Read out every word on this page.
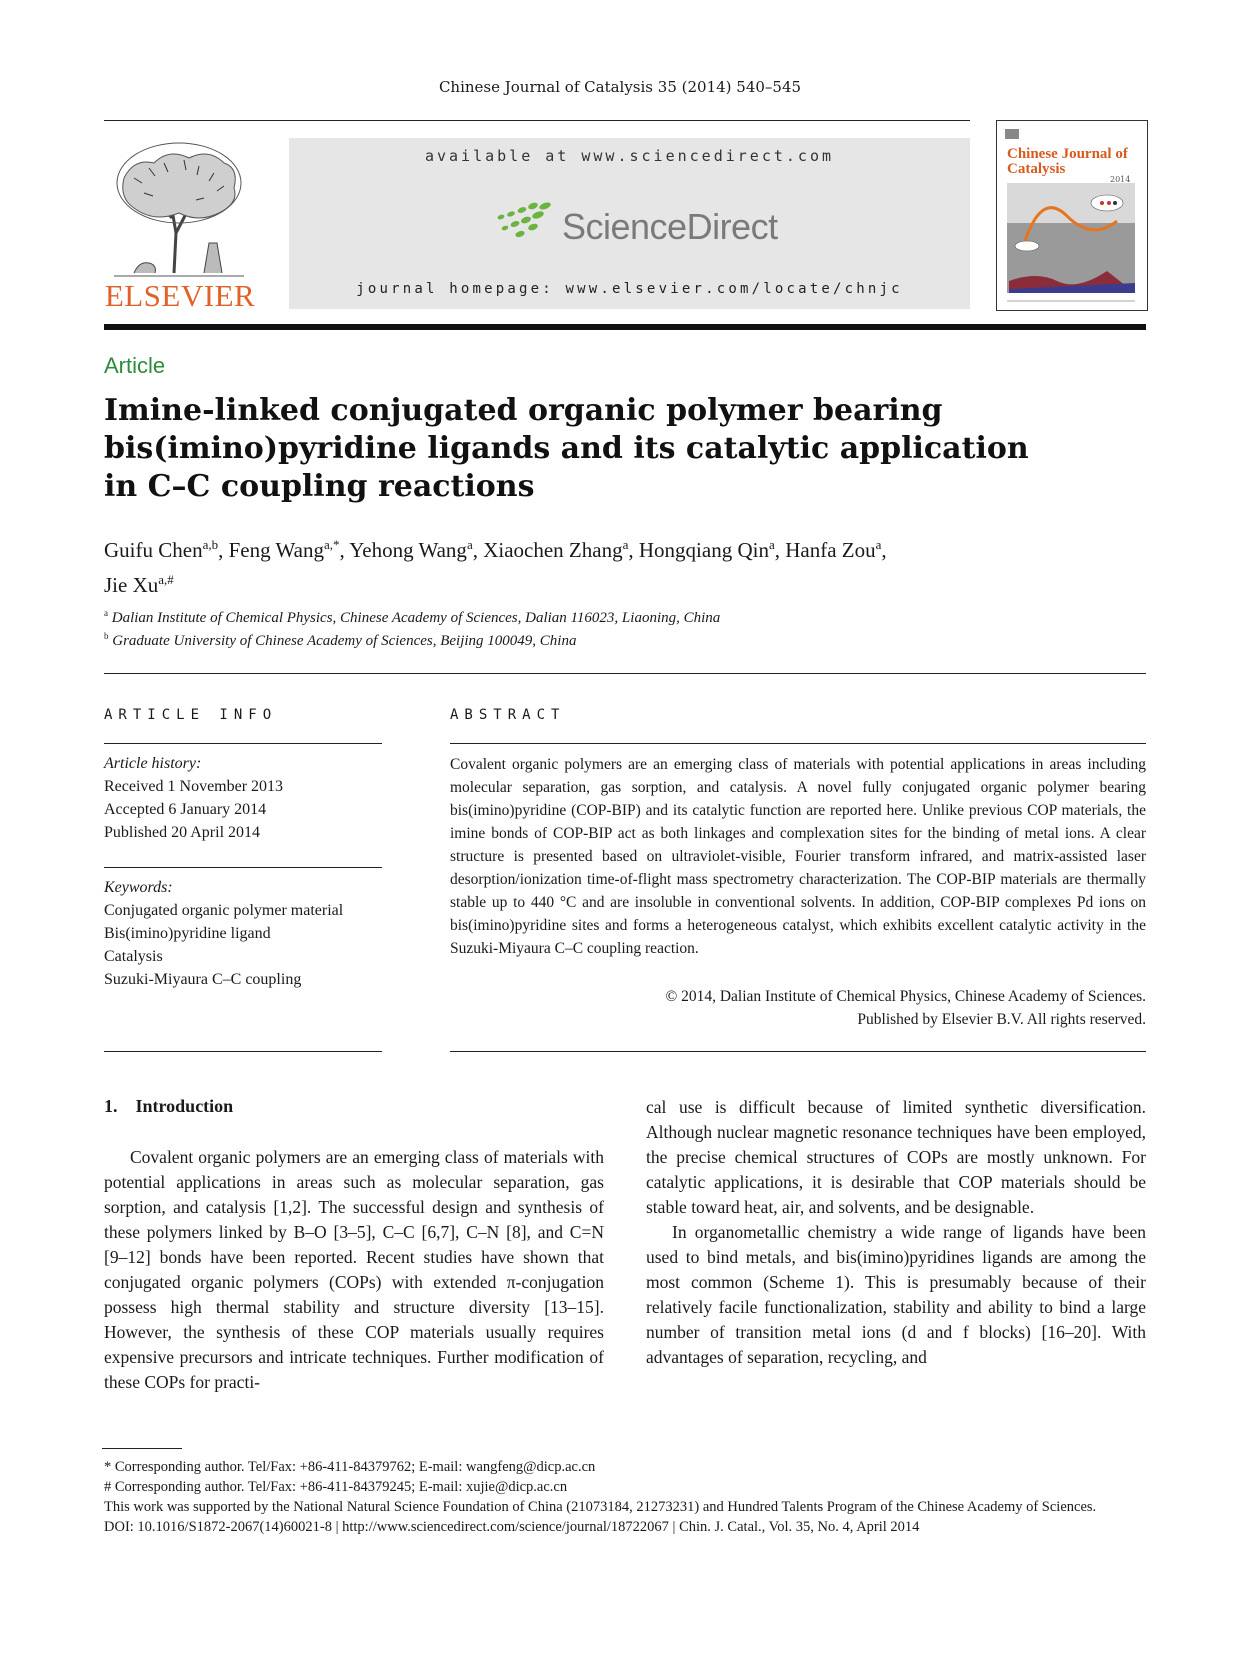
Chinese Journal of Catalysis 35 (2014) 540–545
ELSEVIER
available at www.sciencedirect.com
ScienceDirect
journal homepage: www.elsevier.com/locate/chnjc
Chinese Journal of Catalysis
2014
Article
Imine-linked conjugated organic polymer bearing
bis(imino)pyridine ligands and its catalytic application
in C–C coupling reactions
Guifu Chen$^{a,b}$, Feng Wang$^{a,*}$, Yehong Wang$^a$, Xiaochen Zhang$^a$, Hongqiang Qin$^a$, Hanfa Zou$^a$,
Jie $Xu^{a,\#}$
$^a$ Dalian Institute of Chemical Physics, Chinese Academy of Sciences, Dalian 116023, Liaoning, China
$^b$ Graduate University of Chinese Academy of Sciences, Beijing 100049, China
ARTICLE INFO
Article history:
Received 1 November 2013
Accepted 6 January 2014
Published 20 April 2014
Keywords:
Conjugated organic polymer material
Bis(imino)pyridine ligand
Catalysis
Suzuki-Miyaura C–C coupling
ABSTRACT
Covalent organic polymers are an emerging class of materials with potential applications in areas including molecular separation, gas sorption, and catalysis. A novel fully conjugated organic polymer bearing bis(imino)pyridine (COP-BIP) and its catalytic function are reported here. Unlike previous COP materials, the imine bonds of COP-BIP act as both linkages and complexation sites for the binding of metal ions. A clear structure is presented based on ultraviolet-visible, Fourier transform infrared, and matrix-assisted laser desorption/ionization time-of-flight mass spectrometry characterization. The COP-BIP materials are thermally stable up to 440 °C and are insoluble in conventional solvents. In addition, COP-BIP complexes Pd ions on bis(imino)pyridine sites and forms a heterogeneous catalyst, which exhibits excellent catalytic activity in the Suzuki-Miyaura C–C coupling reaction.
© 2014, Dalian Institute of Chemical Physics, Chinese Academy of Sciences.
Published by Elsevier B.V. All rights reserved.
1.    Introduction

Covalent organic polymers are an emerging class of materials with potential applications in areas such as molecular separation, gas sorption, and catalysis [1,2]. The successful design and synthesis of these polymers linked by B–O [3–5], C–C [6,7], C–N [8], and C=N [9–12] bonds have been reported. Recent studies have shown that conjugated organic polymers (COPs) with extended π-conjugation possess high thermal stability and structure diversity [13–15]. However, the synthesis of these COP materials usually requires expensive precursors and intricate techniques. Further modification of these COPs for practi-

cal use is difficult because of limited synthetic diversification. Although nuclear magnetic resonance techniques have been employed, the precise chemical structures of COPs are mostly unknown. For catalytic applications, it is desirable that COP materials should be stable toward heat, air, and solvents, and be designable.

In organometallic chemistry a wide range of ligands have been used to bind metals, and bis(imino)pyridines ligands are among the most common (Scheme 1). This is presumably because of their relatively facile functionalization, stability and ability to bind a large number of transition metal ions (d and f blocks) [16–20]. With advantages of separation, recycling, and

* Corresponding author. Tel/Fax: +86-411-84379762; E-mail: wangfeng@dicp.ac.cn
# Corresponding author. Tel/Fax: +86-411-84379245; E-mail: xujie@dicp.ac.cn
This work was supported by the National Natural Science Foundation of China (21073184, 21273231) and Hundred Talents Program of the Chinese Academy of Sciences.
DOI: 10.1016/S1872-2067(14)60021-8 | http://www.sciencedirect.com/science/journal/18722067 | Chin. J. Catal., Vol. 35, No. 4, April 2014
